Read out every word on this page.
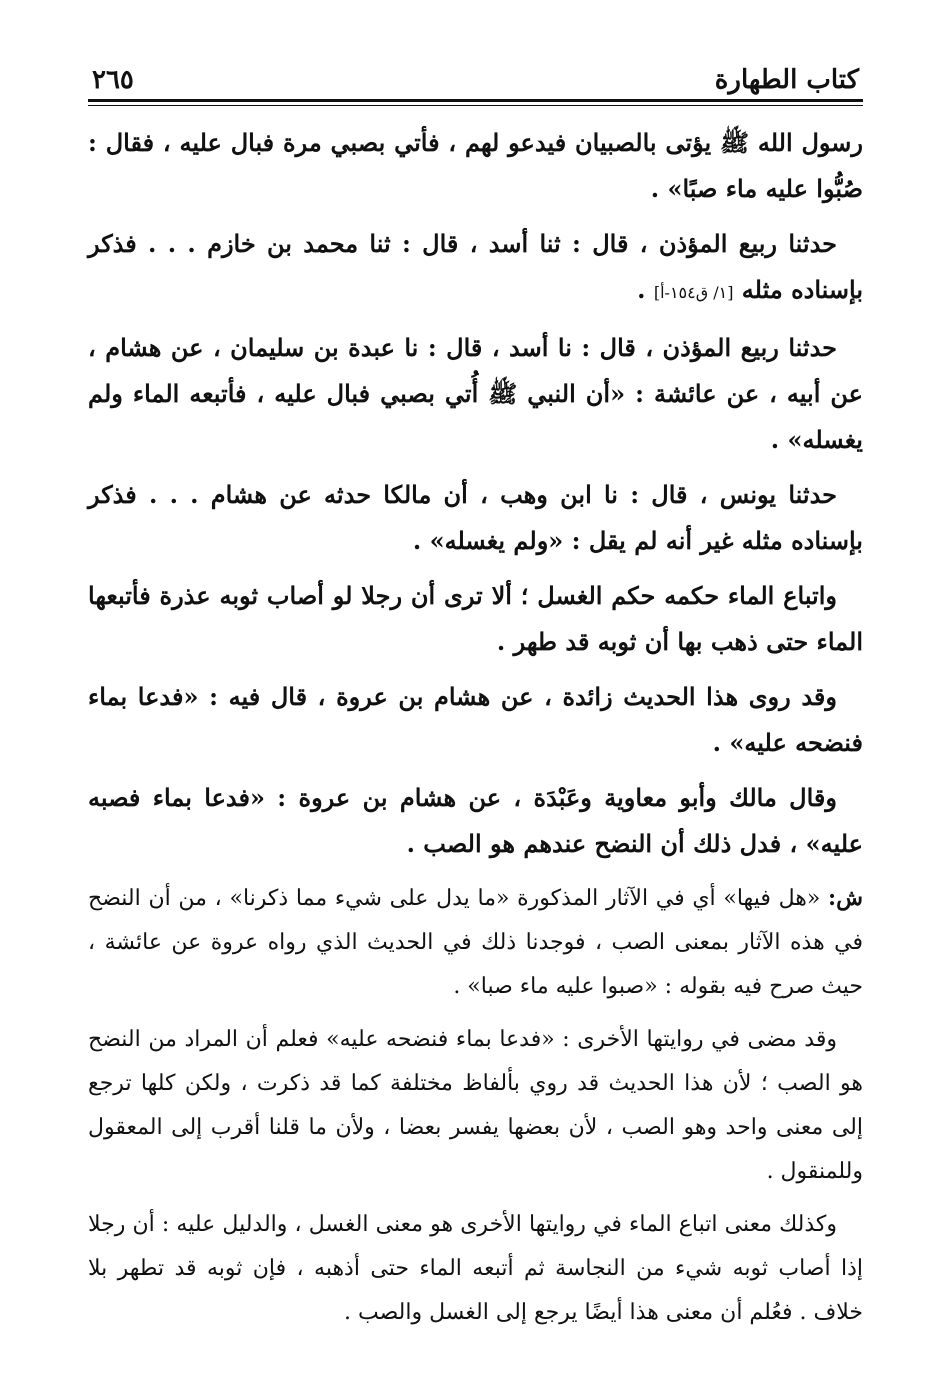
كتاب الطهارة
٢٦٥

رسول الله ﷺ يؤتى بالصبيان فيدعو لهم ، فأتي بصبي مرة فبال عليه ، فقال : صُبُّوا عليه ماء صبًا» .

حدثنا ربيع المؤذن ، قال : ثنا أسد ، قال : ثنا محمد بن خازم . . . فذكر بإسناده مثله [١/ ق١٥٤-أ] .

حدثنا ربيع المؤذن ، قال : نا أسد ، قال : نا عبدة بن سليمان ، عن هشام ، عن أبيه ، عن عائشة : «أن النبي ﷺ أُتي بصبي فبال عليه ، فأتبعه الماء ولم يغسله» .

حدثنا يونس ، قال : نا ابن وهب ، أن مالكا حدثه عن هشام . . . فذكر بإسناده مثله غير أنه لم يقل : «ولم يغسله» .

واتباع الماء حكمه حكم الغسل ؛ ألا ترى أن رجلا لو أصاب ثوبه عذرة فأتبعها الماء حتى ذهب بها أن ثوبه قد طهر .

وقد روى هذا الحديث زائدة ، عن هشام بن عروة ، قال فيه : «فدعا بماء فنضحه عليه» .

وقال مالك وأبو معاوية وعَبْدَة ، عن هشام بن عروة : «فدعا بماء فصبه عليه» ، فدل ذلك أن النضح عندهم هو الصب .

ش: «هل فيها» أي في الآثار المذكورة «ما يدل على شيء مما ذكرنا» ، من أن النضح في هذه الآثار بمعنى الصب ، فوجدنا ذلك في الحديث الذي رواه عروة عن عائشة ، حيث صرح فيه بقوله : «صبوا عليه ماء صبا» .

وقد مضى في روايتها الأخرى : «فدعا بماء فنضحه عليه» فعلم أن المراد من النضح هو الصب ؛ لأن هذا الحديث قد روي بألفاظ مختلفة كما قد ذكرت ، ولكن كلها ترجع إلى معنى واحد وهو الصب ، لأن بعضها يفسر بعضا ، ولأن ما قلنا أقرب إلى المعقول وللمنقول .

وكذلك معنى اتباع الماء في روايتها الأخرى هو معنى الغسل ، والدليل عليه : أن رجلا إذا أصاب ثوبه شيء من النجاسة ثم أتبعه الماء حتى أذهبه ، فإن ثوبه قد تطهر بلا خلاف . فعُلم أن معنى هذا أيضًا يرجع إلى الغسل والصب .
